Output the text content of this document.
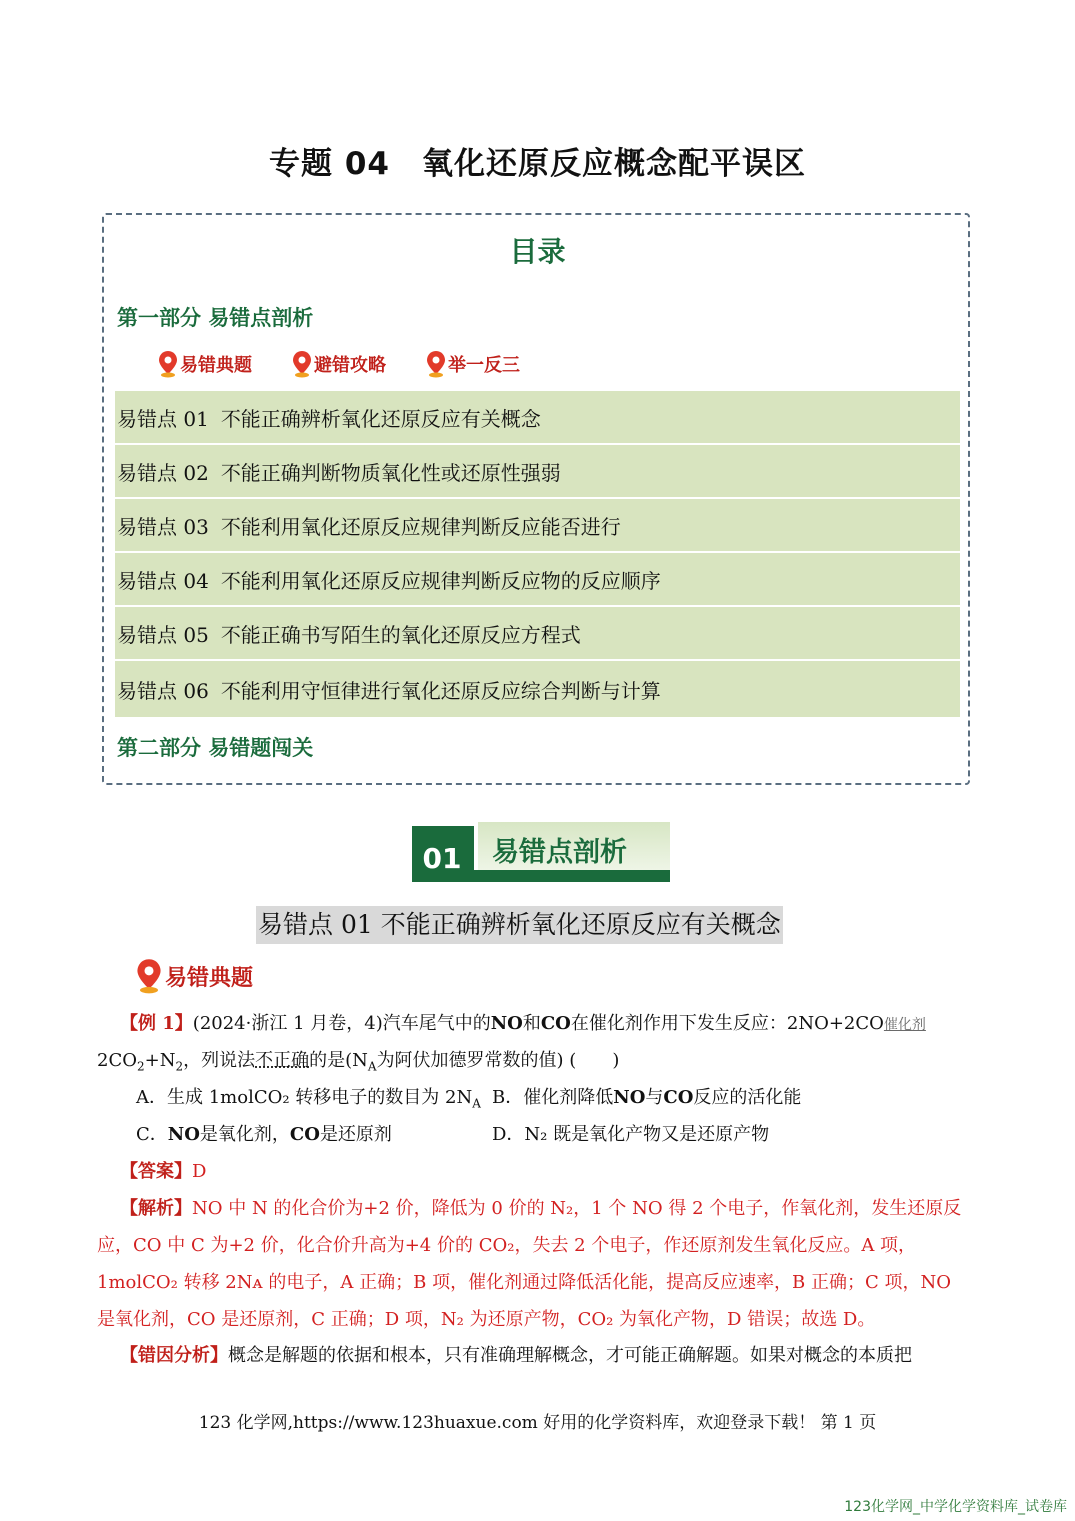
专题 04　氧化还原反应概念配平误区
目录
第一部分 易错点剖析
易错典题	避错攻略	举一反三
易错点 01 不能正确辨析氧化还原反应有关概念
易错点 02 不能正确判断物质氧化性或还原性强弱
易错点 03 不能利用氧化还原反应规律判断反应能否进行
易错点 04 不能利用氧化还原反应规律判断反应物的反应顺序
易错点 05 不能正确书写陌生的氧化还原反应方程式
易错点 06 不能利用守恒律进行氧化还原反应综合判断与计算
第二部分 易错题闯关
01	易错点剖析
易错点 01 不能正确辨析氧化还原反应有关概念
易错典题
【例 1】(2024·浙江 1 月卷，4)汽车尾气中的NO和CO在催化剂作用下发生反应：2NO+2CO催化剂
$2CO_2+N_2$，列说法不正确的是($N_A$为阿伏加德罗常数的值) (　　)
A．生成 1molCO₂ 转移电子的数目为 $2N_A$ B．催化剂降低NO与CO反应的活化能
C．NO是氧化剂，CO是还原剂	D．N₂ 既是氧化产物又是还原产物
【答案】D
【解析】NO 中 N 的化合价为+2 价，降低为 0 价的 N₂，1 个 NO 得 2 个电子，作氧化剂，发生还原反
应，CO 中 C 为+2 价，化合价升高为+4 价的 CO₂，失去 2 个电子，作还原剂发生氧化反应。A 项，
1molCO₂ 转移 2Nᴀ 的电子，A 正确；B 项，催化剂通过降低活化能，提高反应速率，B 正确；C 项，NO
是氧化剂，CO 是还原剂，C 正确；D 项，N₂ 为还原产物，CO₂ 为氧化产物，D 错误；故选 D。
【错因分析】概念是解题的依据和根本，只有准确理解概念，才可能正确解题。如果对概念的本质把
123 化学网,https://www.123huaxue.com 好用的化学资料库，欢迎登录下载！ 第 1 页
123化学网_中学化学资料库_试卷库
